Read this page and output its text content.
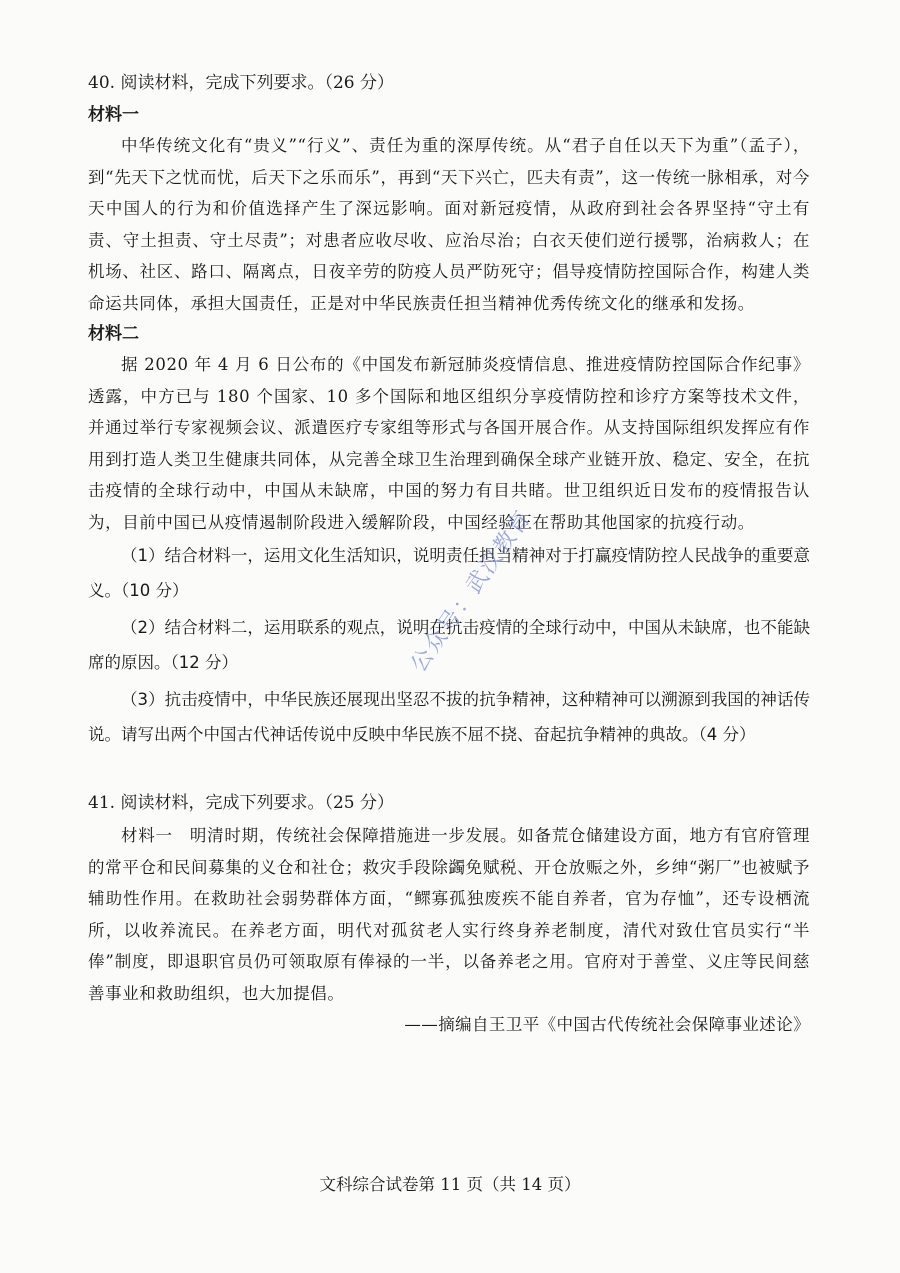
40. 阅读材料，完成下列要求。（26 分）

材料一

中华传统文化有“贵义”“行义”、责任为重的深厚传统。从“君子自任以天下为重”（孟子），到“先天下之忧而忧，后天下之乐而乐”，再到“天下兴亡，匹夫有责”，这一传统一脉相承，对今天中国人的行为和价值选择产生了深远影响。面对新冠疫情，从政府到社会各界坚持“守土有责、守土担责、守土尽责”；对患者应收尽收、应治尽治；白衣天使们逆行援鄂，治病救人；在机场、社区、路口、隔离点，日夜辛劳的防疫人员严防死守；倡导疫情防控国际合作，构建人类命运共同体，承担大国责任，正是对中华民族责任担当精神优秀传统文化的继承和发扬。

材料二

据 2020 年 4 月 6 日公布的《中国发布新冠肺炎疫情信息、推进疫情防控国际合作纪事》透露，中方已与 180 个国家、10 多个国际和地区组织分享疫情防控和诊疗方案等技术文件，并通过举行专家视频会议、派遣医疗专家组等形式与各国开展合作。从支持国际组织发挥应有作用到打造人类卫生健康共同体，从完善全球卫生治理到确保全球产业链开放、稳定、安全，在抗击疫情的全球行动中，中国从未缺席，中国的努力有目共睹。世卫组织近日发布的疫情报告认为，目前中国已从疫情遏制阶段进入缓解阶段，中国经验正在帮助其他国家的抗疫行动。

（1）结合材料一，运用文化生活知识，说明责任担当精神对于打赢疫情防控人民战争的重要意义。（10 分）

（2）结合材料二，运用联系的观点，说明在抗击疫情的全球行动中，中国从未缺席，也不能缺席的原因。（12 分）

（3）抗击疫情中，中华民族还展现出坚忍不拔的抗争精神，这种精神可以溯源到我国的神话传说。请写出两个中国古代神话传说中反映中华民族不屈不挠、奋起抗争精神的典故。（4 分）

41. 阅读材料，完成下列要求。（25 分）

材料一　明清时期，传统社会保障措施进一步发展。如备荒仓储建设方面，地方有官府管理的常平仓和民间募集的义仓和社仓；救灾手段除蠲免赋税、开仓放赈之外，乡绅“粥厂”也被赋予辅助性作用。在救助社会弱势群体方面，“鳏寡孤独废疾不能自养者，官为存恤”，还专设栖流所，以收养流民。在养老方面，明代对孤贫老人实行终身养老制度，清代对致仕官员实行“半俸”制度，即退职官员仍可领取原有俸禄的一半，以备养老之用。官府对于善堂、义庄等民间慈善事业和救助组织，也大加提倡。

——摘编自王卫平《中国古代传统社会保障事业述论》

公众号：武汉教育
文科综合试卷第 11 页（共 14 页）
